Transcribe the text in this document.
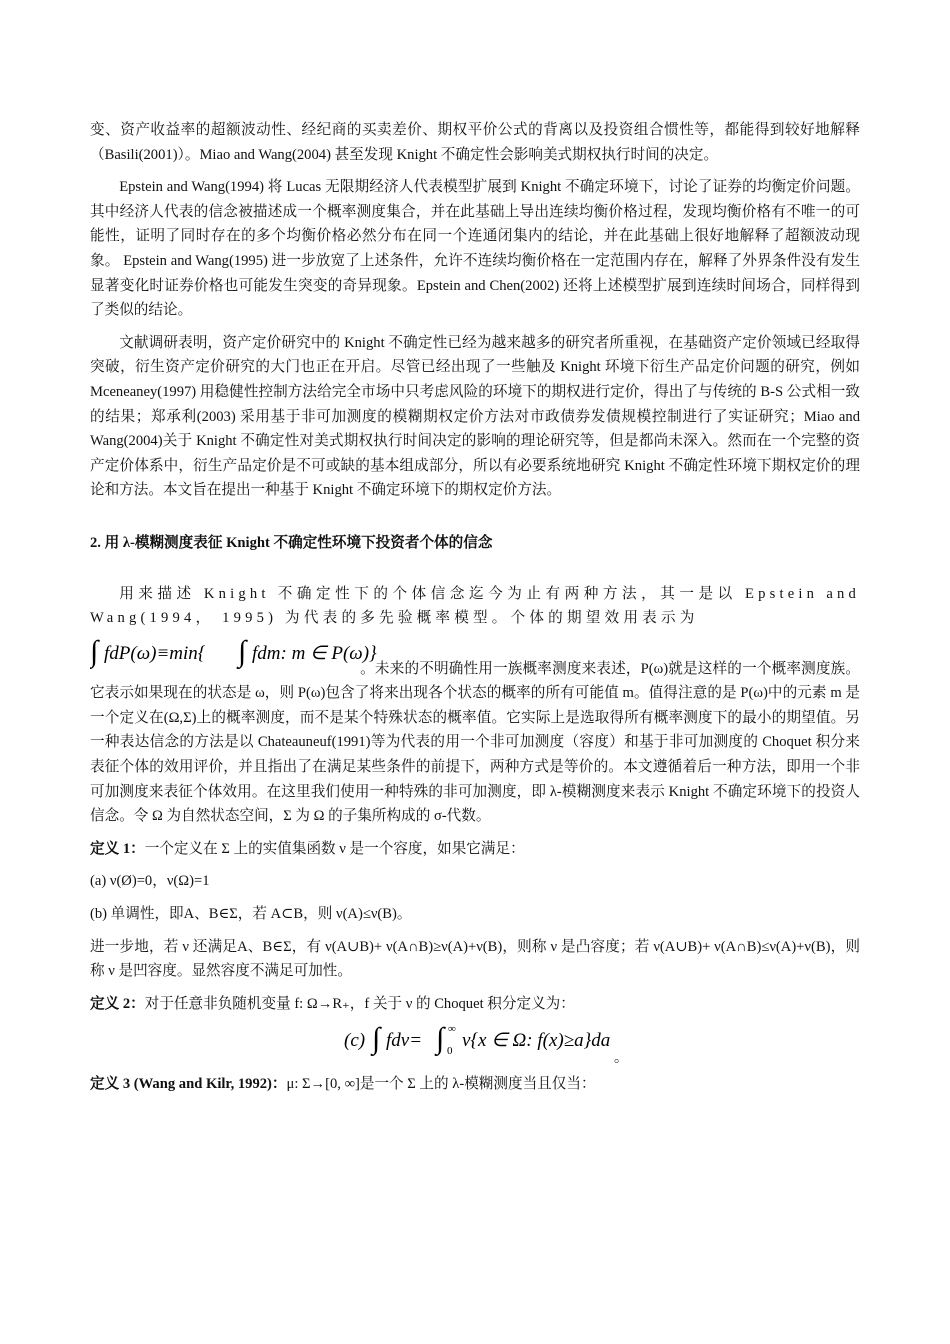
变、资产收益率的超额波动性、经纪商的买卖差价、期权平价公式的背离以及投资组合惯性等，都能得到较好地解释（Basili(2001)）。Miao and Wang(2004) 甚至发现 Knight 不确定性会影响美式期权执行时间的决定。

Epstein and Wang(1994) 将 Lucas 无限期经济人代表模型扩展到 Knight 不确定环境下，讨论了证券的均衡定价问题。其中经济人代表的信念被描述成一个概率测度集合，并在此基础上导出连续均衡价格过程，发现均衡价格有不唯一的可能性，证明了同时存在的多个均衡价格必然分布在同一个连通闭集内的结论，并在此基础上很好地解释了超额波动现象。 Epstein and Wang(1995) 进一步放宽了上述条件，允许不连续均衡价格在一定范围内存在，解释了外界条件没有发生显著变化时证券价格也可能发生突变的奇异现象。Epstein and Chen(2002) 还将上述模型扩展到连续时间场合，同样得到了类似的结论。

文献调研表明，资产定价研究中的 Knight 不确定性已经为越来越多的研究者所重视，在基础资产定价领域已经取得突破，衍生资产定价研究的大门也正在开启。尽管已经出现了一些触及 Knight 环境下衍生产品定价问题的研究，例如 Mceneaney(1997) 用稳健性控制方法给完全市场中只考虑风险的环境下的期权进行定价，得出了与传统的 B-S 公式相一致的结果；郑承利(2003) 采用基于非可加测度的模糊期权定价方法对市政债券发债规模控制进行了实证研究；Miao and Wang(2004)关于 Knight 不确定性对美式期权执行时间决定的影响的理论研究等，但是都尚未深入。然而在一个完整的资产定价体系中，衍生产品定价是不可或缺的基本组成部分，所以有必要系统地研究 Knight 不确定性环境下期权定价的理论和方法。本文旨在提出一种基于 Knight 不确定环境下的期权定价方法。

2. 用 λ-模糊测度表征 Knight 不确定性环境下投资者个体的信念

用来描述 Knight 不确定性下的个体信念迄今为止有两种方法，其一是以 Epstein and Wang(1994， 1995) 为代表的多先验概率模型。个体的期望效用表示为

∫ fdP(ω)≡min{ ∫ fdm: m ∈ P(ω)}

。未来的不明确性用一族概率测度来表述，P(ω)就是这样的一个概率测度族。它表示如果现在的状态是 ω，则 P(ω)包含了将来出现各个状态的概率的所有可能值 m。值得注意的是 P(ω)中的元素 m 是一个定义在(Ω,Σ)上的概率测度，而不是某个特殊状态的概率值。它实际上是选取得所有概率测度下的最小的期望值。另一种表达信念的方法是以 Chateauneuf(1991)等为代表的用一个非可加测度（容度）和基于非可加测度的 Choquet 积分来表征个体的效用评价，并且指出了在满足某些条件的前提下，两种方式是等价的。本文遵循着后一种方法，即用一个非可加测度来表征个体效用。在这里我们使用一种特殊的非可加测度，即 λ-模糊测度来表示 Knight 不确定环境下的投资人信念。令 Ω 为自然状态空间，Σ 为 Ω 的子集所构成的 σ-代数。

定义 1：一个定义在 Σ 上的实值集函数 ν 是一个容度，如果它满足：

(a) ν(Ø)=0，ν(Ω)=1

(b) 单调性，即A、B∈Σ，若 A⊂B，则 ν(A)≤ν(B)。

进一步地，若 ν 还满足A、B∈Σ，有 ν(A∪B)+ ν(A∩B)≥ν(A)+ν(B)，则称 ν 是凸容度；若 ν(A∪B)+ ν(A∩B)≤ν(A)+ν(B)，则称 ν 是凹容度。显然容度不满足可加性。

定义 2：对于任意非负随机变量 f: Ω→R₊，f 关于 ν 的 Choquet 积分定义为：

(c) ∫ fdν= ∫ ∞
0 ν{x ∈ Ω: f(x)≥a}da
。

定义 3 (Wang and Kilr, 1992)：μ: Σ→[0, ∞]是一个 Σ 上的 λ-模糊测度当且仅当：
